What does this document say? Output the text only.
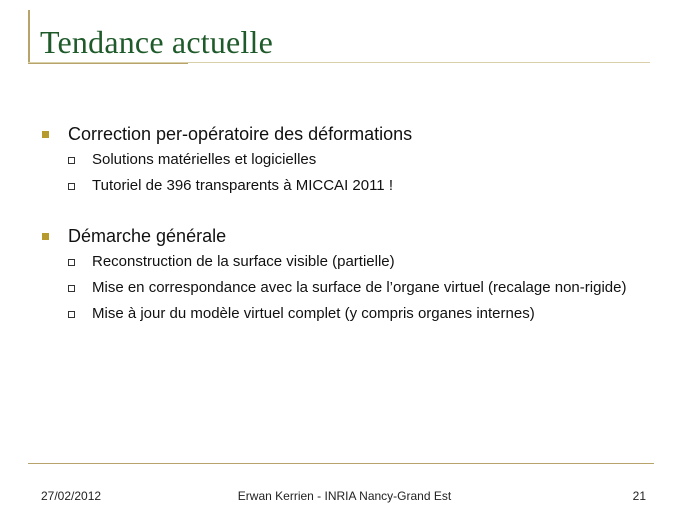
Tendance actuelle
Correction per-opératoire des déformations
Solutions matérielles et logicielles
Tutoriel de 396 transparents à MICCAI 2011 !
Démarche générale
Reconstruction de la surface visible (partielle)
Mise en correspondance avec la surface de l’organe virtuel (recalage non-rigide)
Mise à jour du modèle virtuel complet (y compris organes internes)
27/02/2012	Erwan Kerrien - INRIA Nancy-Grand Est	21
